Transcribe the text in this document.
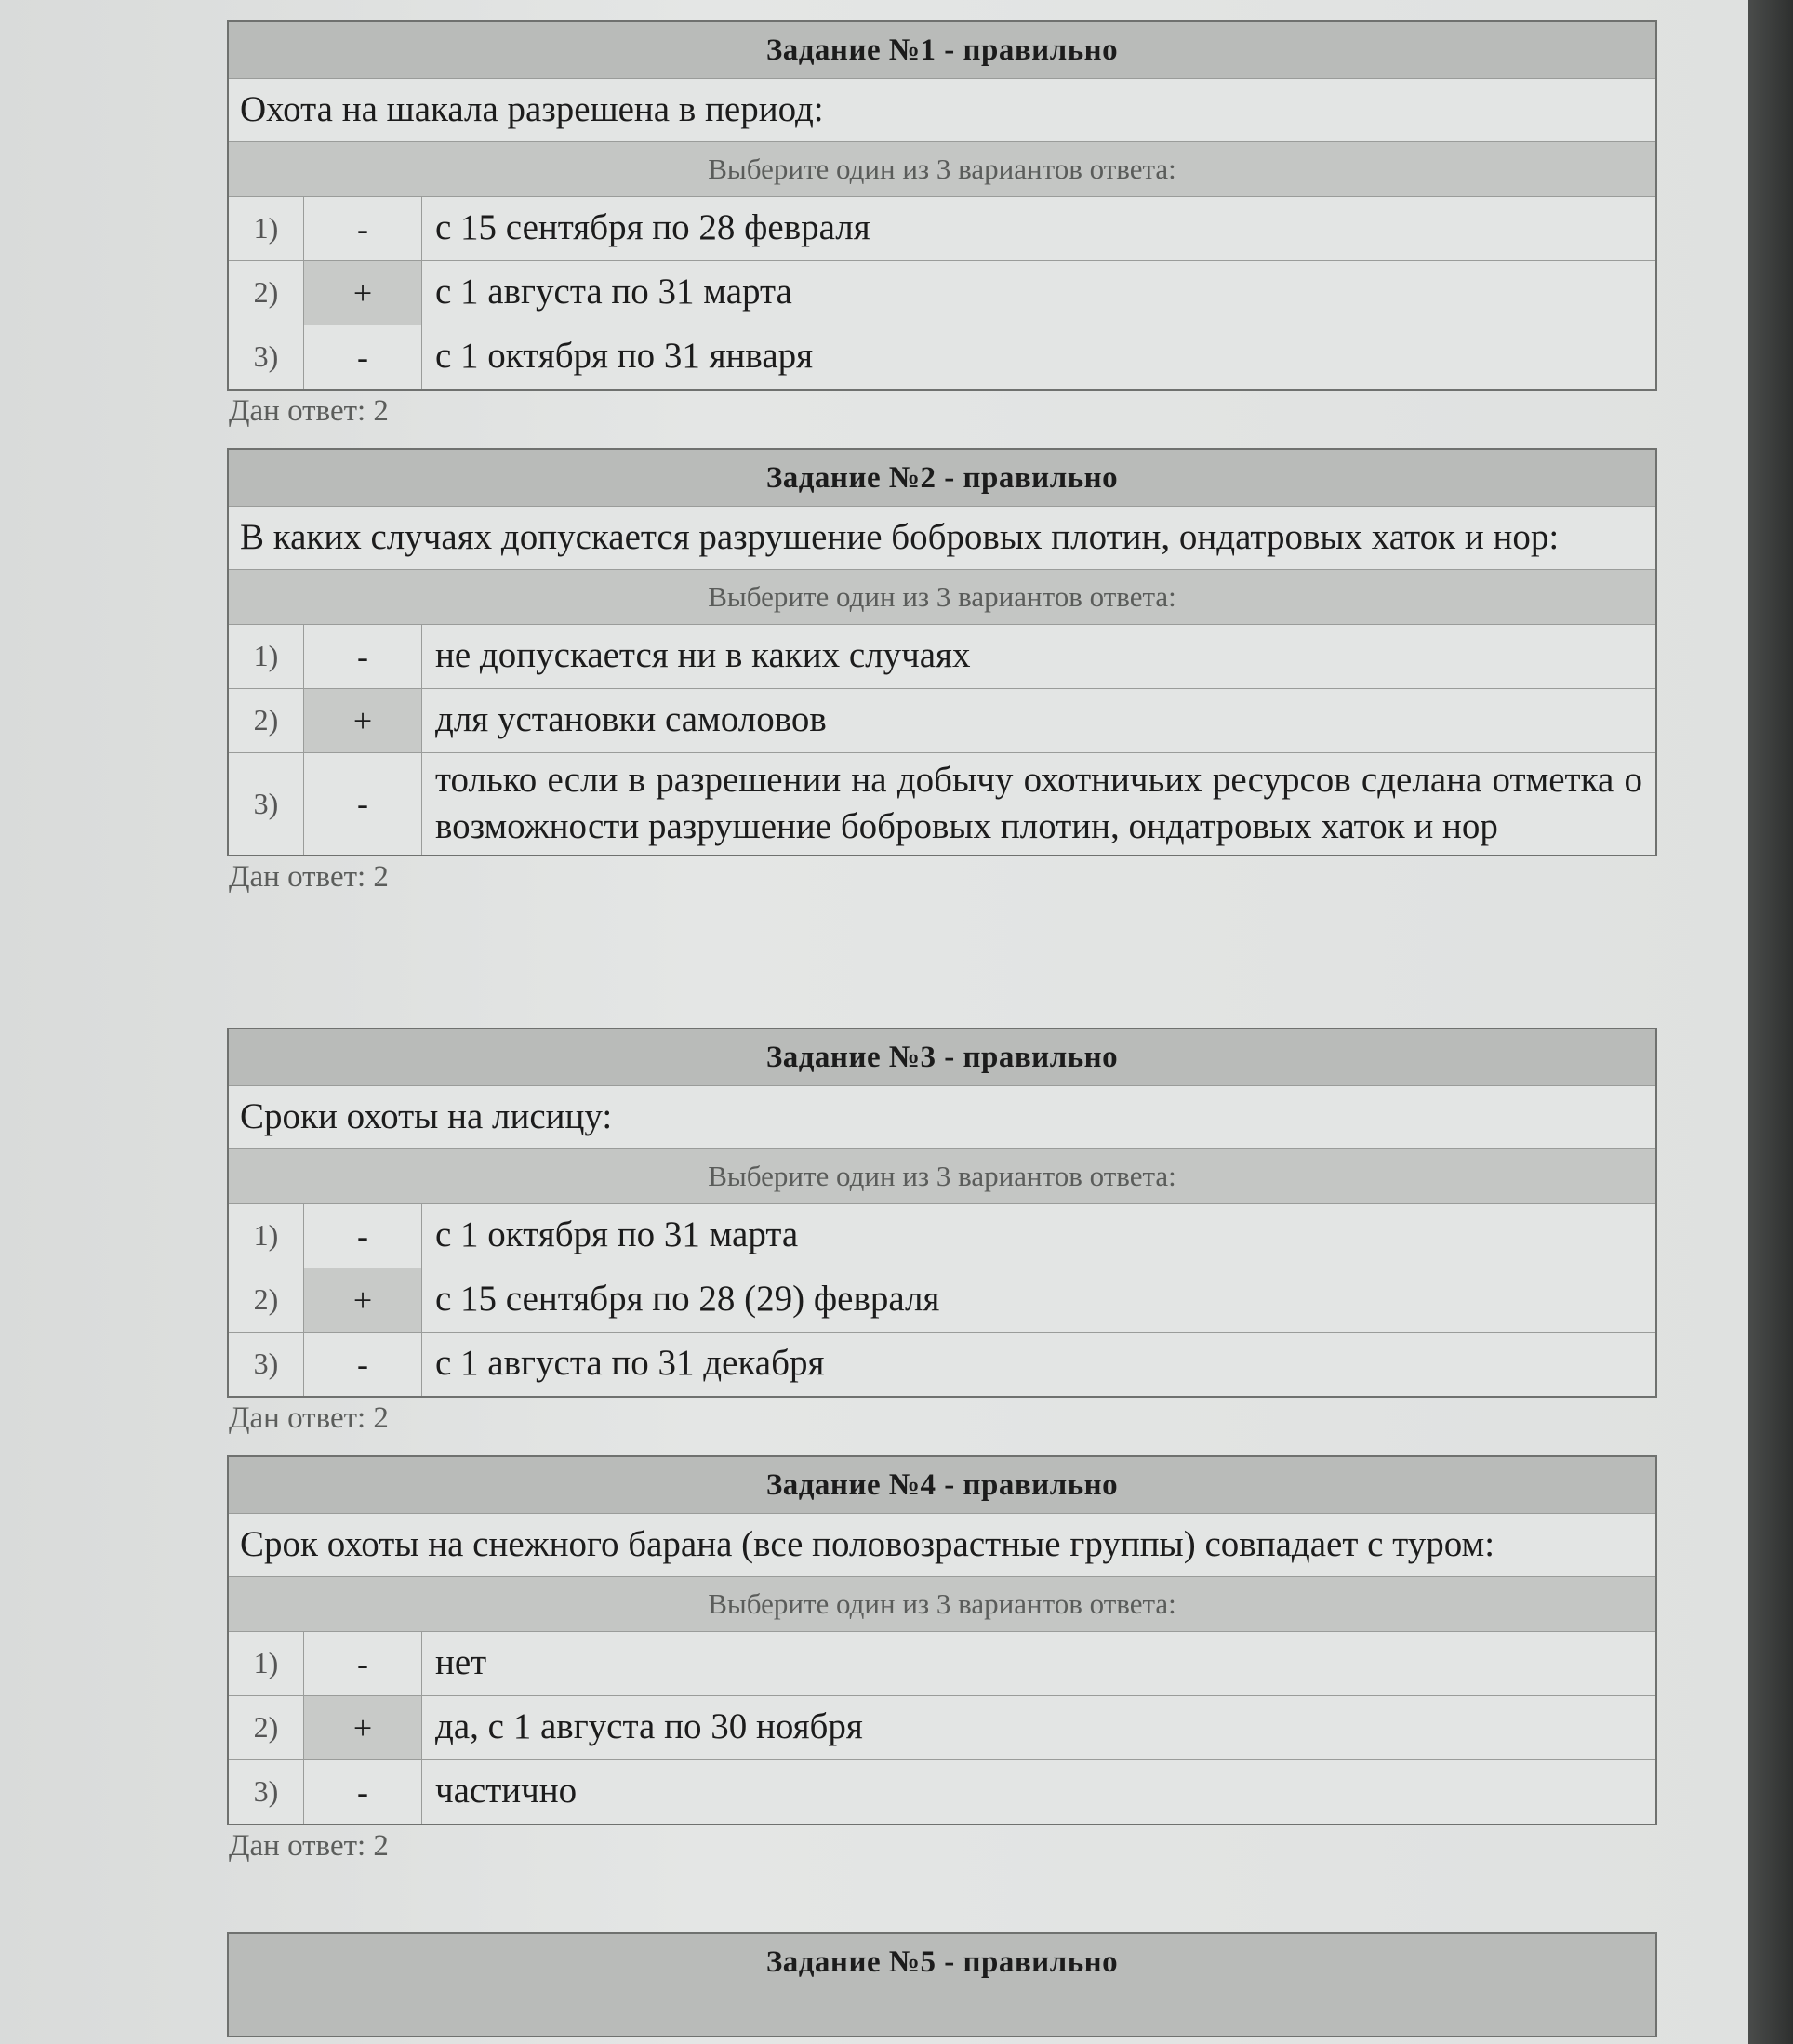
Задание №1 - правильно		
Охота на шакала разрешена в период:		
Выберите один из 3 вариантов ответа:		
1)	-	с 15 сентября по 28 февраля
2)	+	с 1 августа по 31 марта
3)	-	с 1 октября по 31 января
Дан ответ: 2
Задание №2 - правильно		
В каких случаях допускается разрушение бобровых плотин, ондатровых хаток и нор:		
Выберите один из 3 вариантов ответа:		
1)	-	не допускается ни в каких случаях
2)	+	для установки самоловов
3)	-	только если в разрешении на добычу охотничьих ресурсов сделана отметка о возможности разрушение бобровых плотин, ондатровых хаток и нор
Дан ответ: 2
Задание №3 - правильно		
Сроки охоты на лисицу:		
Выберите один из 3 вариантов ответа:		
1)	-	с 1 октября по 31 марта
2)	+	с 15 сентября по 28 (29) февраля
3)	-	с 1 августа по 31 декабря
Дан ответ: 2
Задание №4 - правильно		
Срок охоты на снежного барана (все половозрастные группы) совпадает с туром:		
Выберите один из 3 вариантов ответа:		
1)	-	нет
2)	+	да, с 1 августа по 30 ноября
3)	-	частично
Дан ответ: 2
Задание №5 - правильно
